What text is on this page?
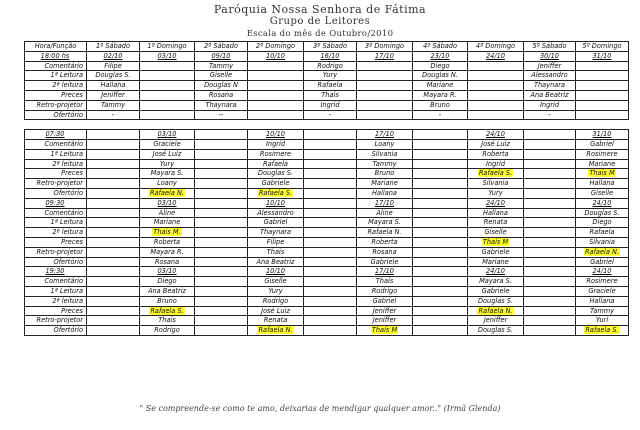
Paróquia Nossa Senhora de Fátima
Grupo de Leitores
Escala do mês de Outubro/2010
Hora/Função	1º Sábado	1º Domingo	2º Sábado	2º Domingo	3º Sábado	3º Domingo	4º Sábado	4º Domingo	5º Sábado	5º Domingo
18:00 hs	02/10	03/10	09/10	10/10	16/10	17/10	23/10	24/10	30/10	31/10
Comentário	Filipe		Tammy		Rodrigo		Diego		Jeniffer	
1ª Leitura	Douglas S.		Giselle		Yury		Douglas N.		Alessandro	
2ª leitura	Hallana		Douglas N		Rafaela		Mariane		Thaynara	
Preces	Jeniffer		Rosana		Thaís		Mayara R.		Ana Beatriz	
Retro-projetor	Tammy		Thaynara		Ingrid		Bruno		Ingrid	
Ofertório	-		--		-		-		-	

07:30		03/10		10/10		17/10		24/10		31/10
Comentário		Graciele		Ingrid		Loany		José Luiz		Gabriel
1ª Leitura		José Luiz		Rosimere		Silvania		Roberta		Rosimere
2ª leitura		Yury		Rafaela		Tammy		Ingrid		Mariane
Preces		Mayara S.		Douglas S.		Bruno		Rafaela S.		Thais M
Retro-projetor		Loany		Gabriele		Mariane		Silvania		Hallana
Ofertório		Rafaela N.		Rafaela S.		Hallana		Yury		Giselle
09:30		03/10		10/10		17/10		24/10		24/10
Comentário		Aline		Alessandro		Aline		Hallana		Douglas S.
1ª Leitura		Mariane		Gabriel		Mayara S.		Renata		Diego
2ª leitura		Thais M.		Thaynara		Rafaela N.		Giselle		Rafaela
Preces		Roberta		Filipe		Roberta		Thaís M		Silvania
Retro-projetor		Mayara R.		Thaís		Rosana		Gabriele		Rafaela N.
Ofertório		Rosana		Ana Beatriz		Gabriele		Mariane		Gabriel
19:30		03/10		10/10		17/10		24/10		24/10
Comentário		Diego		Giselle		Thaís		Mayara S.		Rosimere
1ª Leitura		Ana Beatriz		Yury		Rodrigo		Gabriele		Graciele
2ª leitura		Bruno		Rodrigo		Gabriel		Douglas S.		Hallana
Preces		Rafaela S.		José Luiz		Jeniffer		Rafaela N.		Tammy
Retro-projetor		Thaís		Renata		Jeniffer		Jeniffer		Yuri
Ofertório		Rodrigo		Rafaela N.		Thaís M		Douglas S.		Rafaela S.
" Se compreende-se como te amo, deixarias de mendigar qualquer amor.." (Irmã Glenda)
